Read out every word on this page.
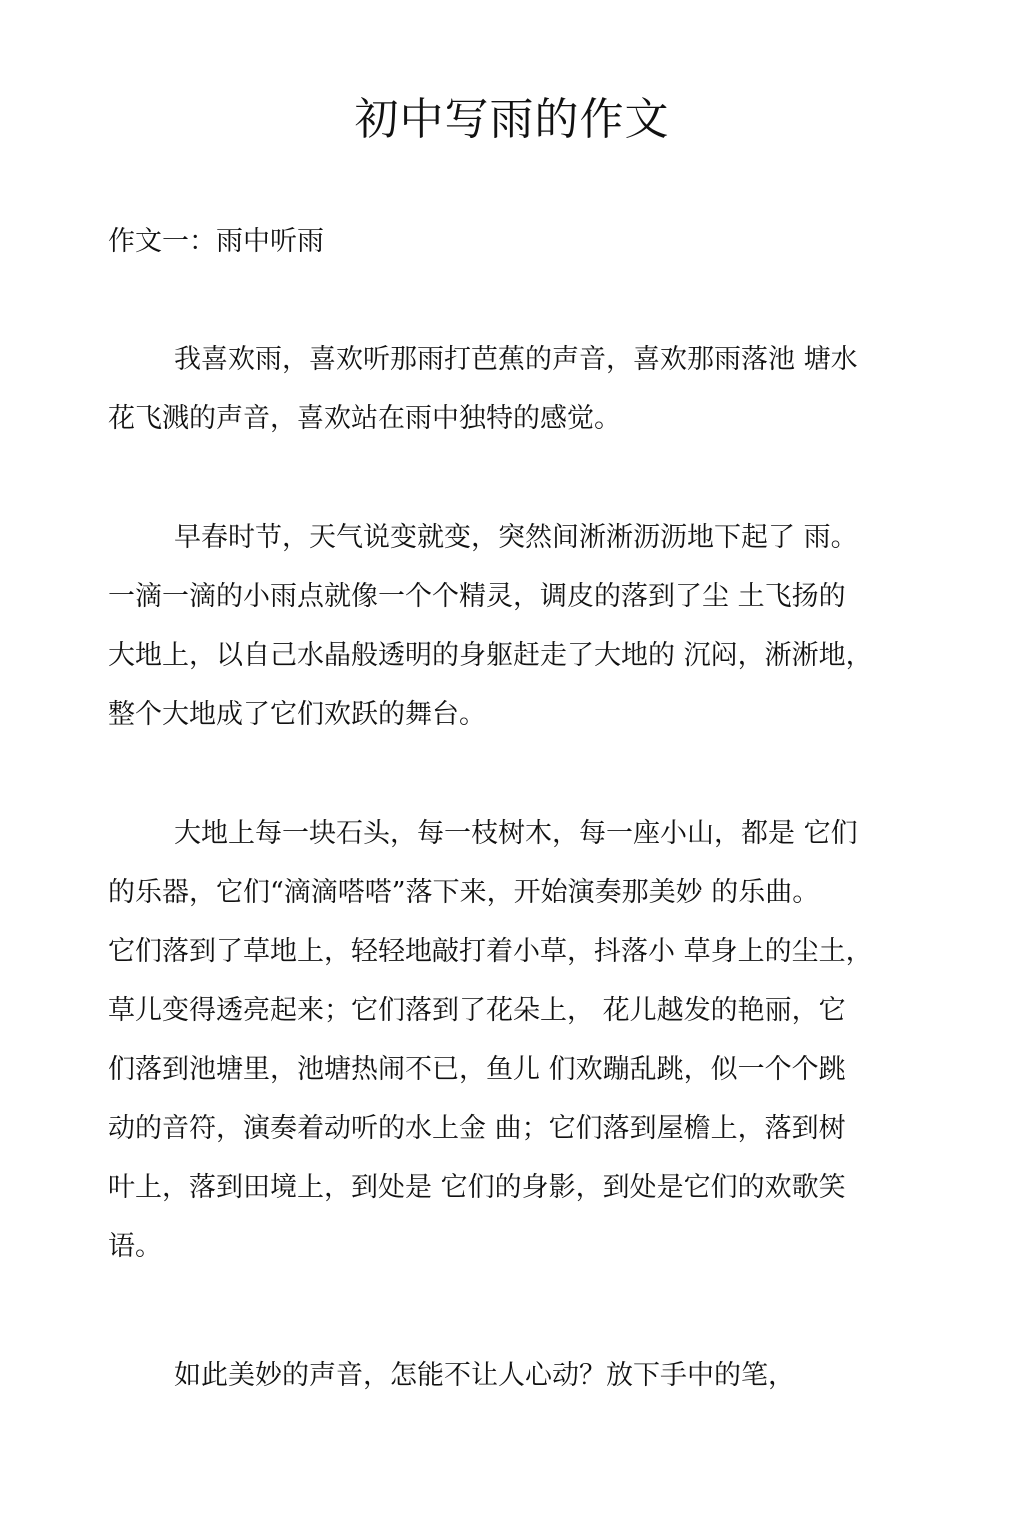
初中写雨的作文
作文一：雨中听雨
我喜欢雨，喜欢听那雨打芭蕉的声音，喜欢那雨落池 塘水
花飞溅的声音，喜欢站在雨中独特的感觉。
早春时节，天气说变就变，突然间淅淅沥沥地下起了 雨。
一滴一滴的小雨点就像一个个精灵，调皮的落到了尘 土飞扬的
大地上，以自己水晶般透明的身躯赶走了大地的 沉闷，淅淅地，
整个大地成了它们欢跃的舞台。
大地上每一块石头，每一枝树木，每一座小山，都是 它们
的乐器，它们“滴滴嗒嗒”落下来，开始演奏那美妙 的乐曲。
它们落到了草地上，轻轻地敲打着小草，抖落小 草身上的尘土，
草儿变得透亮起来；它们落到了花朵上， 花儿越发的艳丽，它
们落到池塘里，池塘热闹不已，鱼儿 们欢蹦乱跳，似一个个跳
动的音符，演奏着动听的水上金 曲；它们落到屋檐上，落到树
叶上，落到田境上，到处是 它们的身影，到处是它们的欢歌笑
语。
如此美妙的声音，怎能不让人心动？放下手中的笔，
